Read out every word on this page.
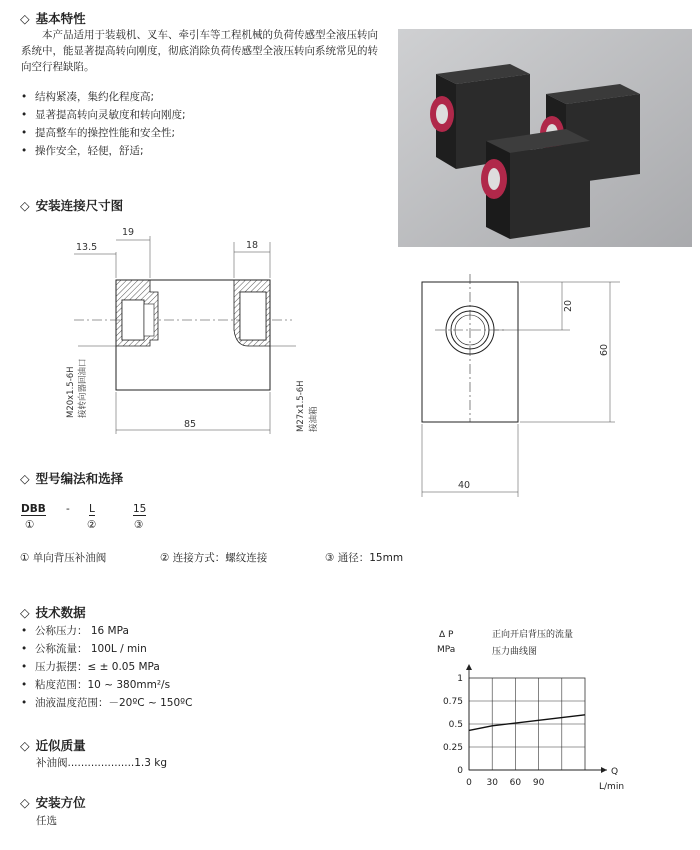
◇ 基本特性
本产品适用于装载机、叉车、牵引车等工程机械的负荷传感型全液压转向系统中，能显著提高转向刚度，彻底消除负荷传感型全液压转向系统常见的转向空行程缺陷。
• 结构紧凑，集约化程度高;
• 显著提高转向灵敏度和转向刚度;
• 提高整车的操控性能和安全性;
• 操作安全，轻便，舒适;
◇ 安装连接尺寸图
19
13.5	18
85
M20x1.5-6H 接转向器回油口	M27x1.5-6H 接油箱
20
60
40
◇ 型号编法和选择
DBB - L	15
①	②	③
① 单向背压补油阀	② 连接方式：螺纹连接	③ 通径：15mm
◇ 技术数据
• 公称压力： 16 MPa
• 公称流量： 100L / min
• 压力振摆：≤ ± 0.05 MPa
• 粘度范围：10 ~ 380mm²/s
• 油液温度范围：－20ºC ~ 150ºC
◇ 近似质量
补油阀....................1.3 kg
◇ 安装方位
任选
正向开启背压的流量
压力曲线图
Δ P
MPa
Q
L/min
0
0.25
0.5
0.75
1
0 30 60 90
